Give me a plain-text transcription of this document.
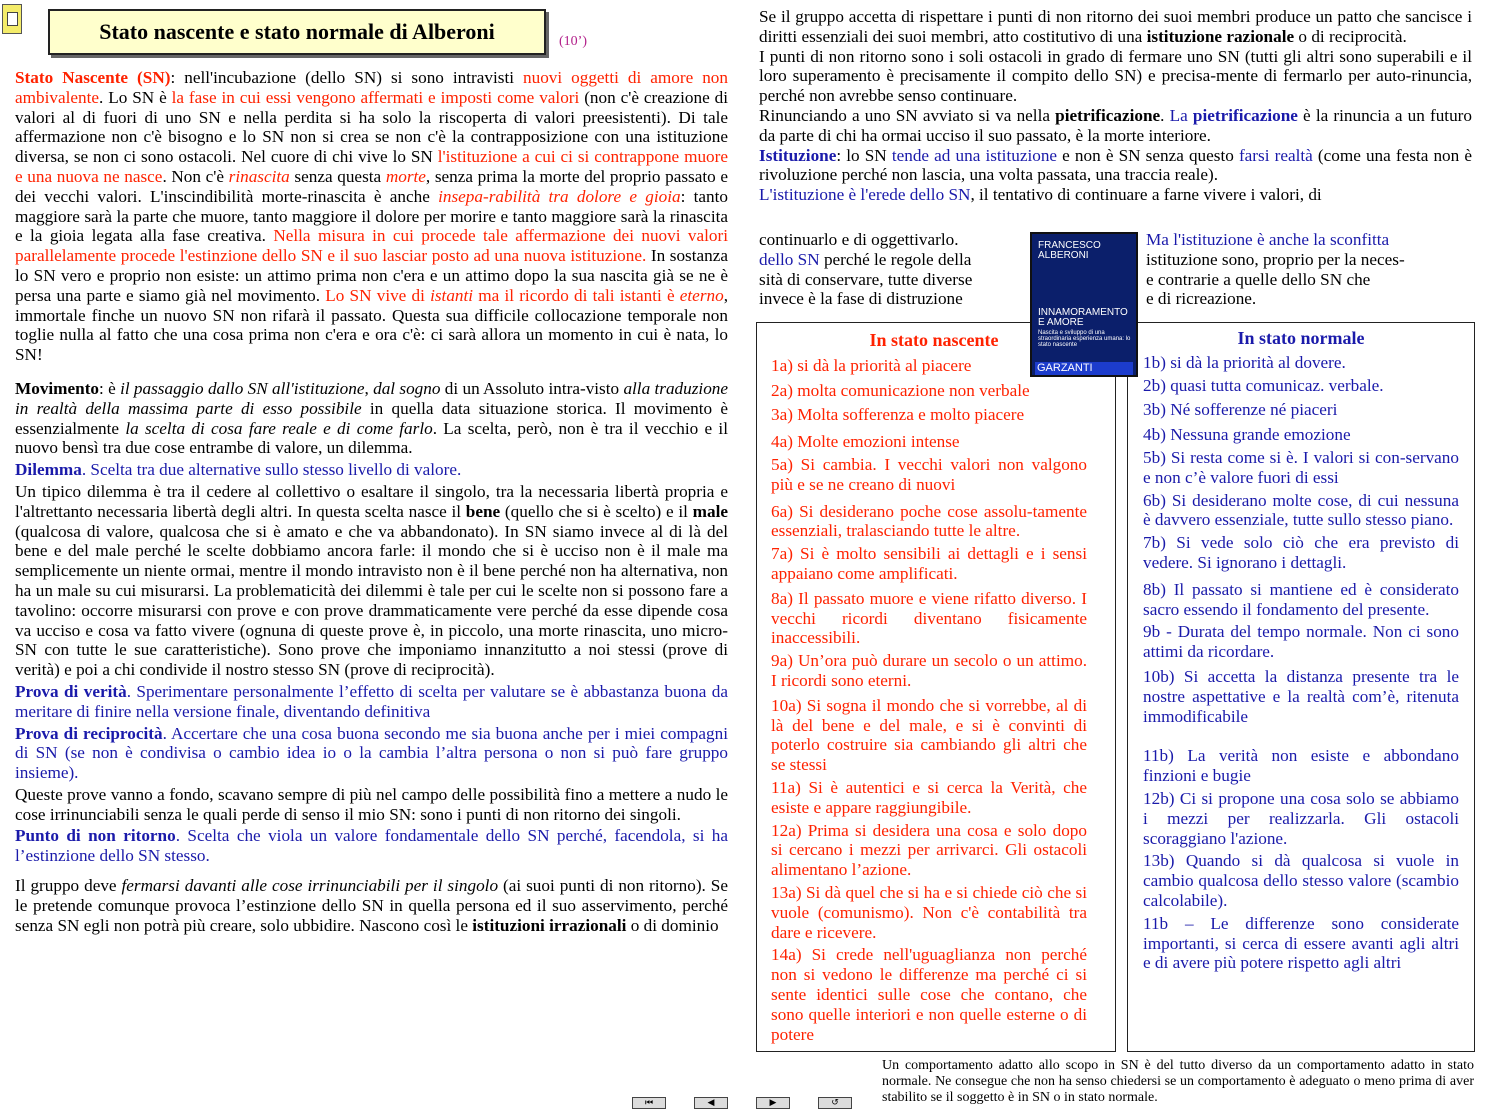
Stato nascente e stato normale di Alberoni	(10’)

Stato Nascente (SN): nell'incubazione (dello SN) si sono intravisti nuovi oggetti di amore non ambivalente. Lo SN è la fase in cui essi vengono affermati e imposti come valori (non c'è creazione di valori al di fuori di uno SN e nella perdita si ha solo la riscoperta di valori preesistenti). Di tale affermazione non c'è bisogno e lo SN non si crea se non c'è la contrapposizione con una istituzione diversa, se non ci sono ostacoli. Nel cuore di chi vive lo SN l'istituzione a cui ci si contrappone muore e una nuova ne nasce. Non c'è rinascita senza questa morte, senza prima la morte del proprio passato e dei vecchi valori. L'inscindibilità morte-rinascita è anche insepa-rabilità tra dolore e gioia: tanto maggiore sarà la parte che muore, tanto maggiore il dolore per morire e tanto maggiore sarà la rinascita e la gioia legata alla fase creativa. Nella misura in cui procede tale affermazione dei nuovi valori parallelamente procede l'estinzione dello SN e il suo lasciar posto ad una nuova istituzione. In sostanza lo SN vero e proprio non esiste: un attimo prima non c'era e un attimo dopo la sua nascita già se ne è persa una parte e siamo già nel movimento. Lo SN vive di istanti ma il ricordo di tali istanti è eterno, immortale finche un nuovo SN non rifarà il passato. Questa sua difficile collocazione temporale non toglie nulla al fatto che una cosa prima non c'era e ora c'è: ci sarà allora un momento in cui è nata, lo SN!

Movimento: è il passaggio dallo SN all'istituzione, dal sogno di un Assoluto intra-visto alla traduzione in realtà della massima parte di esso possibile in quella data situazione storica. Il movimento è essenzialmente la scelta di cosa fare reale e di come farlo. La scelta, però, non è tra il vecchio e il nuovo bensì tra due cose entrambe di valore, un dilemma.

Dilemma. Scelta tra due alternative sullo stesso livello di valore.

Un tipico dilemma è tra il cedere al collettivo o esaltare il singolo, tra la necessaria libertà propria e l'altrettanto necessaria libertà degli altri. In questa scelta nasce il bene (quello che si è scelto) e il male (qualcosa di valore, qualcosa che si è amato e che va abbandonato). In SN siamo invece al di là del bene e del male perché le scelte dobbiamo ancora farle: il mondo che si è ucciso non è il male ma semplicemente un niente ormai, mentre il mondo intravisto non è il bene perché non ha alternativa, non ha un male su cui misurarsi. La problematicità dei dilemmi è tale per cui le scelte non si possono fare a tavolino: occorre misurarsi con prove e con prove drammaticamente vere perché da esse dipende cosa va ucciso e cosa va fatto vivere (ognuna di queste prove è, in piccolo, una morte rinascita, uno micro-SN con tutte le sue caratteristiche). Sono prove che imponiamo innanzitutto a noi stessi (prove di verità) e poi a chi condivide il nostro stesso SN (prove di reciprocità).

Prova di verità. Sperimentare personalmente l’effetto di scelta per valutare se è abbastanza buona da meritare di finire nella versione finale, diventando definitiva

Prova di reciprocità. Accertare che una cosa buona secondo me sia buona anche per i miei compagni di SN (se non è condivisa o cambio idea io o la cambia l’altra persona o non si può fare gruppo insieme).

Queste prove vanno a fondo, scavano sempre di più nel campo delle possibilità fino a mettere a nudo le cose irrinunciabili senza le quali perde di senso il mio SN: sono i punti di non ritorno dei singoli.

Punto di non ritorno. Scelta che viola un valore fondamentale dello SN perché, facendola, si ha l’estinzione dello SN stesso.

Il gruppo deve fermarsi davanti alle cose irrinunciabili per il singolo (ai suoi punti di non ritorno). Se le pretende comunque provoca l’estinzione dello SN in quella persona ed il suo asservimento, perché senza SN egli non potrà più creare, solo ubbidire. Nascono così le istituzioni irrazionali o di dominio

Se il gruppo accetta di rispettare i punti di non ritorno dei suoi membri produce un patto che sancisce i diritti essenziali dei suoi membri, atto costitutivo di una istituzione razionale o di reciprocità.

I punti di non ritorno sono i soli ostacoli in grado di fermare uno SN (tutti gli altri sono superabili e il loro superamento è precisamente il compito dello SN) e precisa-mente di fermarlo per auto-rinuncia, perché non avrebbe senso continuare.

Rinunciando a uno SN avviato si va nella pietrificazione. La pietrificazione è la rinuncia a un futuro da parte di chi ha ormai ucciso il suo passato, è la morte interiore.

Istituzione: lo SN tende ad una istituzione e non è SN senza questo farsi realtà (come una festa non è rivoluzione perché non lascia, una volta passata, una traccia reale).

L'istituzione è l'erede dello SN, il tentativo di continuare a farne vivere i valori, di

continuarlo e di oggettivarlo.
dello SN perché le regole della
sità di conservare, tutte diverse
invece è la fase di distruzione
Ma l'istituzione è anche la sconfitta
istituzione sono, proprio per la neces-
e contrarie a quelle dello SN che
e di ricreazione.
In stato nascente
1a) si dà la priorità al piacere
2a) molta comunicazione non verbale
3a) Molta sofferenza e molto piacere
4a) Molte emozioni intense
5a) Si cambia. I vecchi valori non valgono più e se ne creano di nuovi
6a) Si desiderano poche cose assolu-tamente essenziali, tralasciando tutte le altre.
7a) Si è molto sensibili ai dettagli e i sensi appaiano come amplificati.
8a) Il passato muore e viene rifatto diverso. I vecchi ricordi diventano fisicamente inaccessibili.
9a) Un’ora può durare un secolo o un attimo. I ricordi sono eterni.
10a) Si sogna il mondo che si vorrebbe, al di là del bene e del male, e si è convinti di poterlo costruire sia cambiando gli altri che se stessi
11a) Si è autentici e si cerca la Verità, che esiste e appare raggiungibile.
12a) Prima si desidera una cosa e solo dopo si cercano i mezzi per arrivarci. Gli ostacoli alimentano l’azione.
13a) Si dà quel che si ha e si chiede ciò che si vuole (comunismo). Non c'è contabilità tra dare e ricevere.
14a) Si crede nell'uguaglianza non perché non si vedono le differenze ma perché ci si sente identici sulle cose che contano, che sono quelle interiori e non quelle esterne o di potere
In stato normale
1b) si dà la priorità al dovere.
2b) quasi tutta comunicaz. verbale.
3b) Né sofferenze né piaceri
4b) Nessuna grande emozione
5b) Si resta come si è. I valori si con-servano e non c’è valore fuori di essi
6b) Si desiderano molte cose, di cui nessuna è davvero essenziale, tutte sullo stesso piano.
7b) Si vede solo ciò che era previsto di vedere. Si ignorano i dettagli.
8b) Il passato si mantiene ed è considerato sacro essendo il fondamento del presente.
9b - Durata del tempo normale. Non ci sono attimi da ricordare.
10b) Si accetta la distanza presente tra le nostre aspettative e la realtà com’è, ritenuta immodificabile
11b) La verità non esiste e abbondano finzioni e bugie
12b) Ci si propone una cosa solo se abbiamo i mezzi per realizzarla. Gli ostacoli scoraggiano l'azione.
13b) Quando si dà qualcosa si vuole in cambio qualcosa dello stesso valore (scambio calcolabile).
11b – Le differenze sono considerate importanti, si cerca di essere avanti agli altri e di avere più potere rispetto agli altri
FRANCESCO
ALBERONI
INNAMORAMENTO
E AMORE
Nascita e sviluppo di una straordinaria esperienza umana: lo stato nascente
GARZANTI
Un comportamento adatto allo scopo in SN è del tutto diverso da un comportamento adatto in stato normale. Ne consegue che non ha senso chiedersi se un comportamento è adeguato o meno prima di aver stabilito se il soggetto è in SN o in stato normale.
⏮	◀	▶	↺
